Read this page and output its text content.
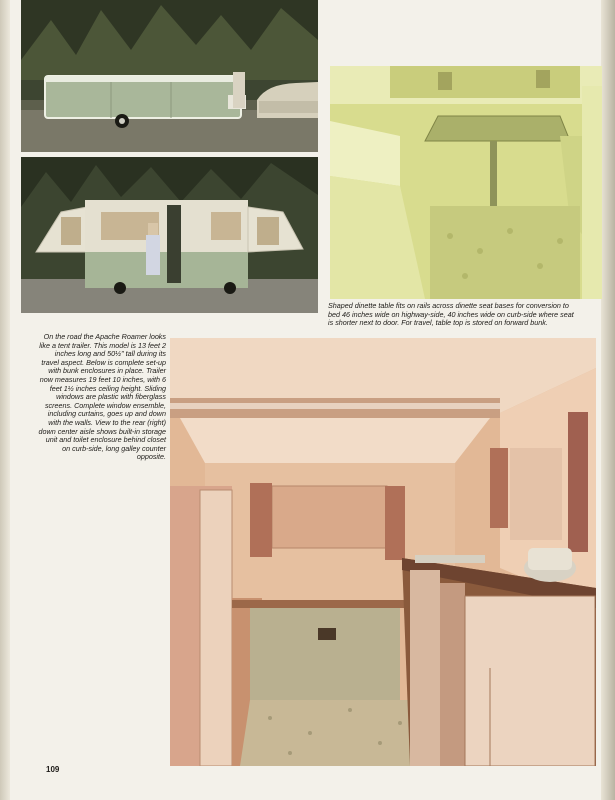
Shaped dinette table fits on rails across dinette seat bases for conversion to bed 46 inches wide on highway-side, 40 inches wide on curb-side where seat is shorter next to door. For travel, table top is stored on forward bunk.

On the road the Apache Roamer looks like a tent trailer. This model is 13 feet 2 inches long and 50½" tall during its travel aspect. Below is complete set-up with bunk enclosures in place. Trailer now measures 19 feet 10 inches, with 6 feet 1½ inches ceiling height. Sliding windows are plastic with fiberglass screens. Complete window ensemble, including curtains, goes up and down with the walls. View to the rear (right) down center aisle shows built-in storage unit and toilet enclosure behind closet on curb-side, long galley counter opposite.

109
